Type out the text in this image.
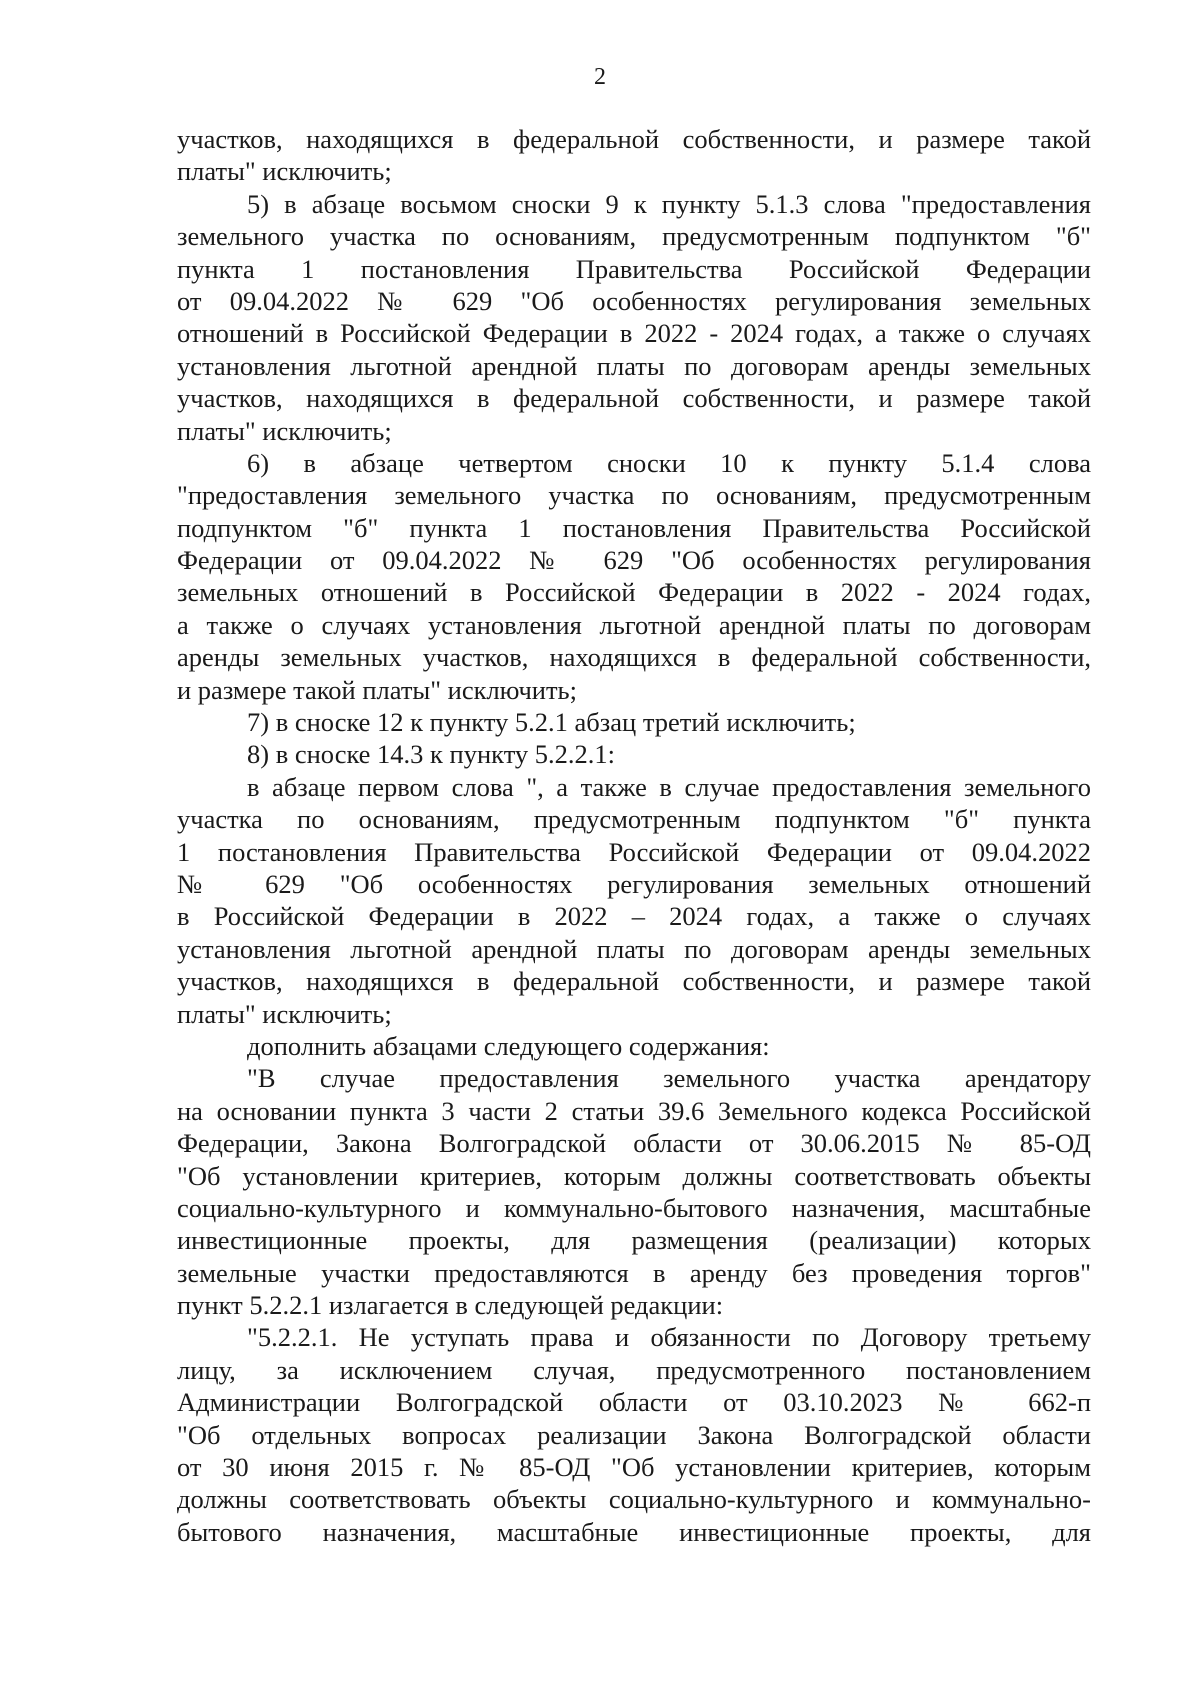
2
участков, находящихся в федеральной собственности, и размере такой
платы" исключить;
5) в абзаце восьмом сноски 9 к пункту 5.1.3 слова "предоставления
земельного участка по основаниям, предусмотренным подпунктом "б"
пункта 1 постановления Правительства Российской Федерации
от 09.04.2022 № 629 "Об особенностях регулирования земельных
отношений в Российской Федерации в 2022 - 2024 годах, а также о случаях
установления льготной арендной платы по договорам аренды земельных
участков, находящихся в федеральной собственности, и размере такой
платы" исключить;
6) в абзаце четвертом сноски 10 к пункту 5.1.4 слова
"предоставления земельного участка по основаниям, предусмотренным
подпунктом "б" пункта 1 постановления Правительства Российской
Федерации от 09.04.2022 № 629 "Об особенностях регулирования
земельных отношений в Российской Федерации в 2022 - 2024 годах,
а также о случаях установления льготной арендной платы по договорам
аренды земельных участков, находящихся в федеральной собственности,
и размере такой платы" исключить;
7) в сноске 12 к пункту 5.2.1 абзац третий исключить;
8) в сноске 14.3 к пункту 5.2.2.1:
в абзаце первом слова ", а также в случае предоставления земельного
участка по основаниям, предусмотренным подпунктом "б" пункта
1 постановления Правительства Российской Федерации от 09.04.2022
№ 629 "Об особенностях регулирования земельных отношений
в Российской Федерации в 2022 – 2024 годах, а также о случаях
установления льготной арендной платы по договорам аренды земельных
участков, находящихся в федеральной собственности, и размере такой
платы" исключить;
дополнить абзацами следующего содержания:
"В случае предоставления земельного участка арендатору
на основании пункта 3 части 2 статьи 39.6 Земельного кодекса Российской
Федерации, Закона Волгоградской области от 30.06.2015 № 85-ОД
"Об установлении критериев, которым должны соответствовать объекты
социально-культурного и коммунально-бытового назначения, масштабные
инвестиционные проекты, для размещения (реализации) которых
земельные участки предоставляются в аренду без проведения торгов"
пункт 5.2.2.1 излагается в следующей редакции:
"5.2.2.1. Не уступать права и обязанности по Договору третьему
лицу, за исключением случая, предусмотренного постановлением
Администрации Волгоградской области от 03.10.2023 № 662-п
"Об отдельных вопросах реализации Закона Волгоградской области
от 30 июня 2015 г. № 85-ОД "Об установлении критериев, которым
должны соответствовать объекты социально-культурного и коммунально-
бытового назначения, масштабные инвестиционные проекты, для
